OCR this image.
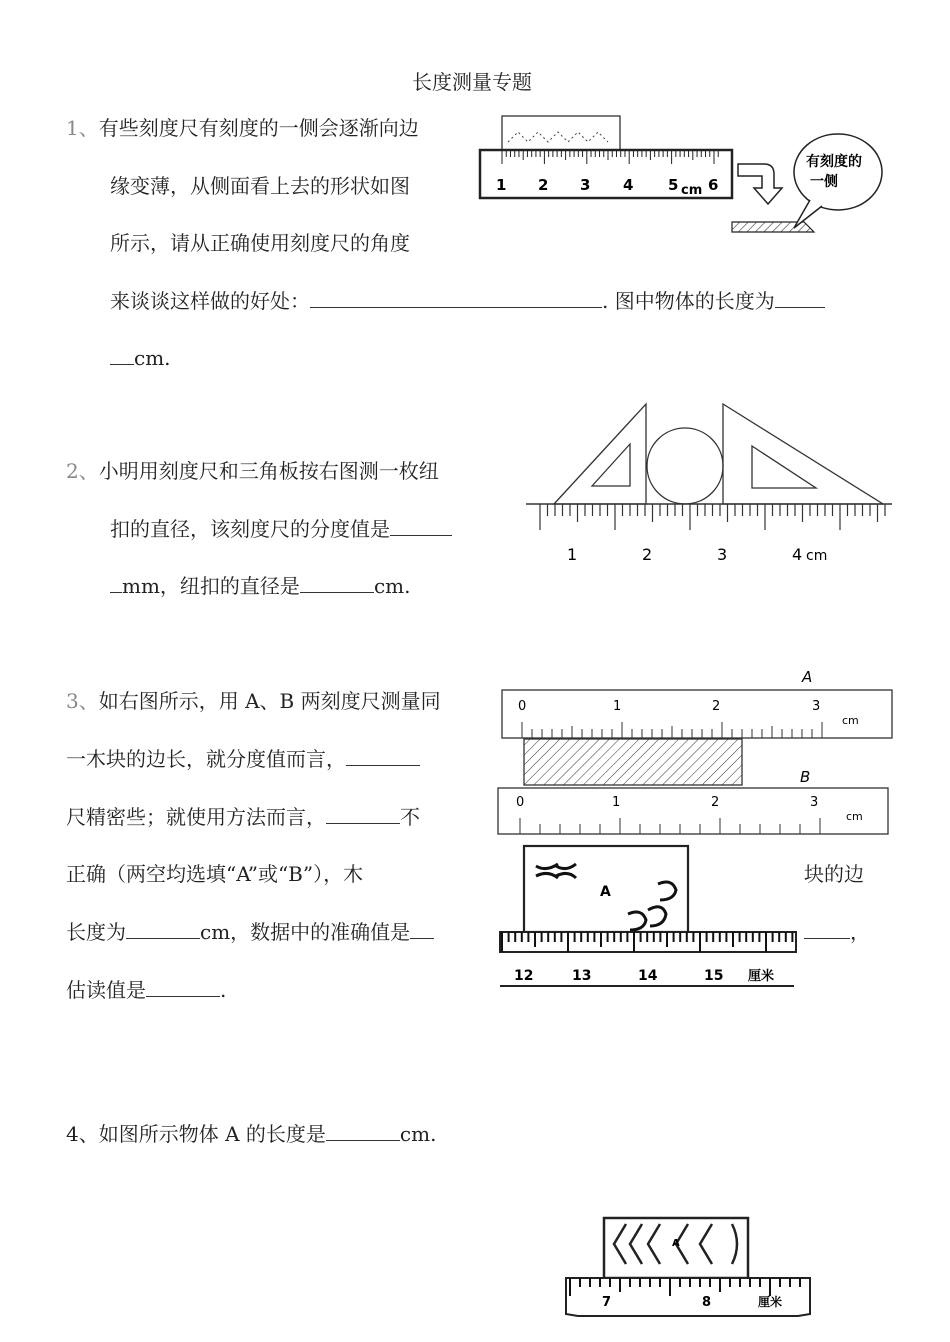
长度测量专题
1、有些刻度尺有刻度的一侧会逐渐向边
缘变薄，从侧面看上去的形状如图
所示，请从正确使用刻度尺的角度
来谈谈这样做的好处：	. 图中物体的长度为
cm.
1 2 3 4 5 6
cm
有刻度的
一侧
2、小明用刻度尺和三角板按右图测一枚纽
扣的直径，该刻度尺的分度值是
mm，纽扣的直径是	cm.
1	2	3	4 cm
3、如右图所示，用 A、B 两刻度尺测量同
一木块的边长，就分度值而言，
尺精密些；就使用方法而言，	不
正确（两空均选填“A”或“B”），木	块的边
长度为	cm，数据中的准确值是	，
估读值是	.
A
0	1	2	3
cm
B
0	1	2	3
cm
A
12	13	14	15 厘米
4、如图所示物体 A 的长度是	cm.
A
7	8	厘米
